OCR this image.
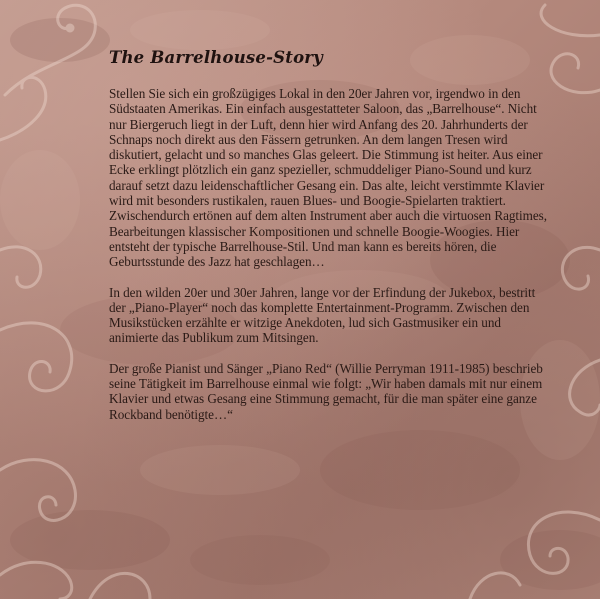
The Barrelhouse-Story

Stellen Sie sich ein großzügiges Lokal in den 20er Jahren vor, irgendwo in den Südstaaten Amerikas. Ein einfach ausgestatteter Saloon, das „Barrelhouse“. Nicht nur Biergeruch liegt in der Luft, denn hier wird Anfang des 20. Jahrhunderts der Schnaps noch direkt aus den Fässern getrunken. An dem langen Tresen wird diskutiert, gelacht und so manches Glas geleert. Die Stimmung ist heiter. Aus einer Ecke erklingt plötzlich ein ganz spezieller, schmuddeliger Piano-Sound und kurz darauf setzt dazu leidenschaftlicher Gesang ein. Das alte, leicht verstimmte Klavier wird mit besonders rustikalen, rauen Blues- und Boogie-Spielarten traktiert. Zwischendurch ertönen auf dem alten Instrument aber auch die virtuosen Ragtimes, Bearbeitungen klassischer Kompositionen und schnelle Boogie-Woogies. Hier entsteht der typische Barrelhouse-Stil. Und man kann es bereits hören, die Geburtsstunde des Jazz hat geschlagen…

In den wilden 20er und 30er Jahren, lange vor der Erfindung der Jukebox, bestritt der „Piano-Player“ noch das komplette Entertainment-Programm. Zwischen den Musikstücken erzählte er witzige Anekdoten, lud sich Gastmusiker ein und animierte das Publikum zum Mitsingen.

Der große Pianist und Sänger „Piano Red“ (Willie Perryman 1911-1985) beschrieb seine Tätigkeit im Barrelhouse einmal wie folgt: „Wir haben damals mit nur einem Klavier und etwas Gesang eine Stimmung gemacht, für die man später eine ganze Rockband benötigte…“
